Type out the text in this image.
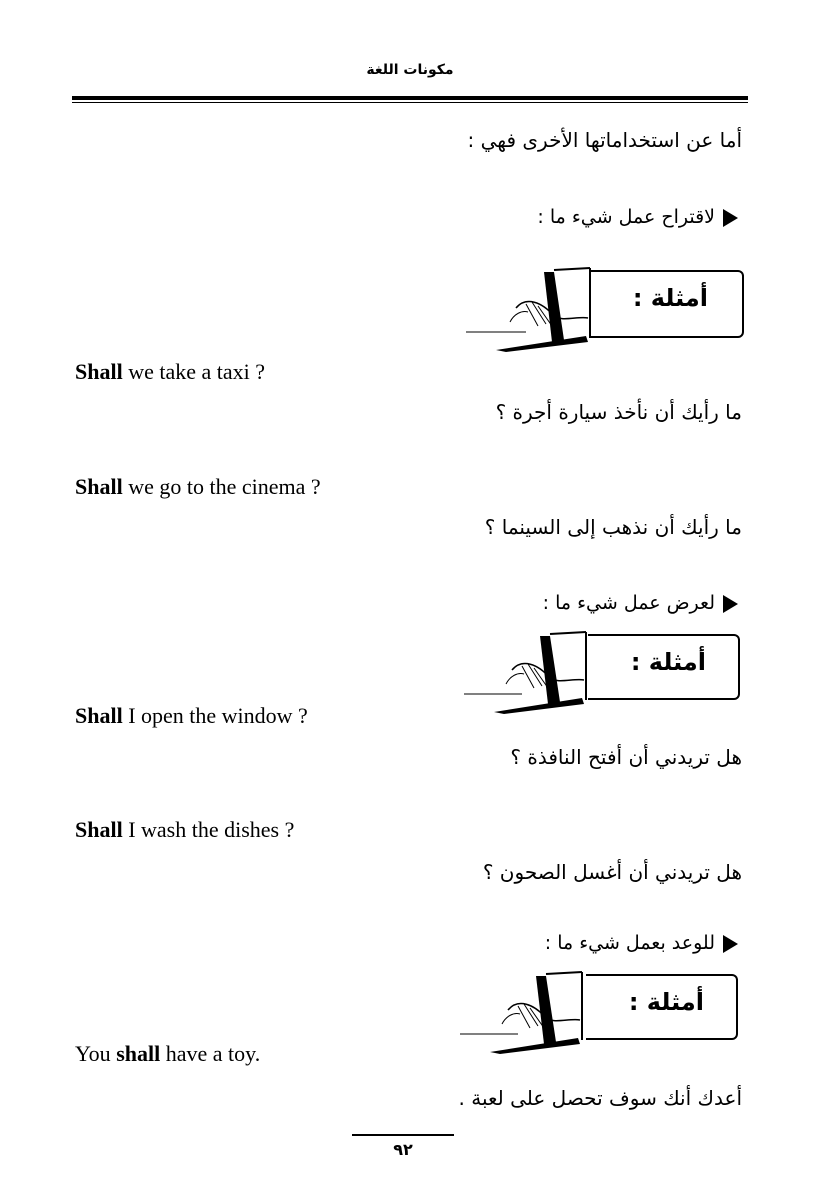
مكونات اللغة
أما عن استخداماتها الأخرى فهي :
لاقتراح عمل شيء ما :
أمثلة :
Shall we take a taxi ?
ما رأيك أن نأخذ سيارة أجرة ؟
Shall we go to the cinema ?
ما رأيك أن نذهب إلى السينما ؟
لعرض عمل شيء ما :
أمثلة :
Shall I open the window ?
هل تريدني أن أفتح النافذة ؟
Shall I wash the dishes ?
هل تريدني أن أغسل الصحون ؟
للوعد بعمل شيء ما :
أمثلة :
You shall have a toy.
أعدك أنك سوف تحصل على لعبة .
٩٢
